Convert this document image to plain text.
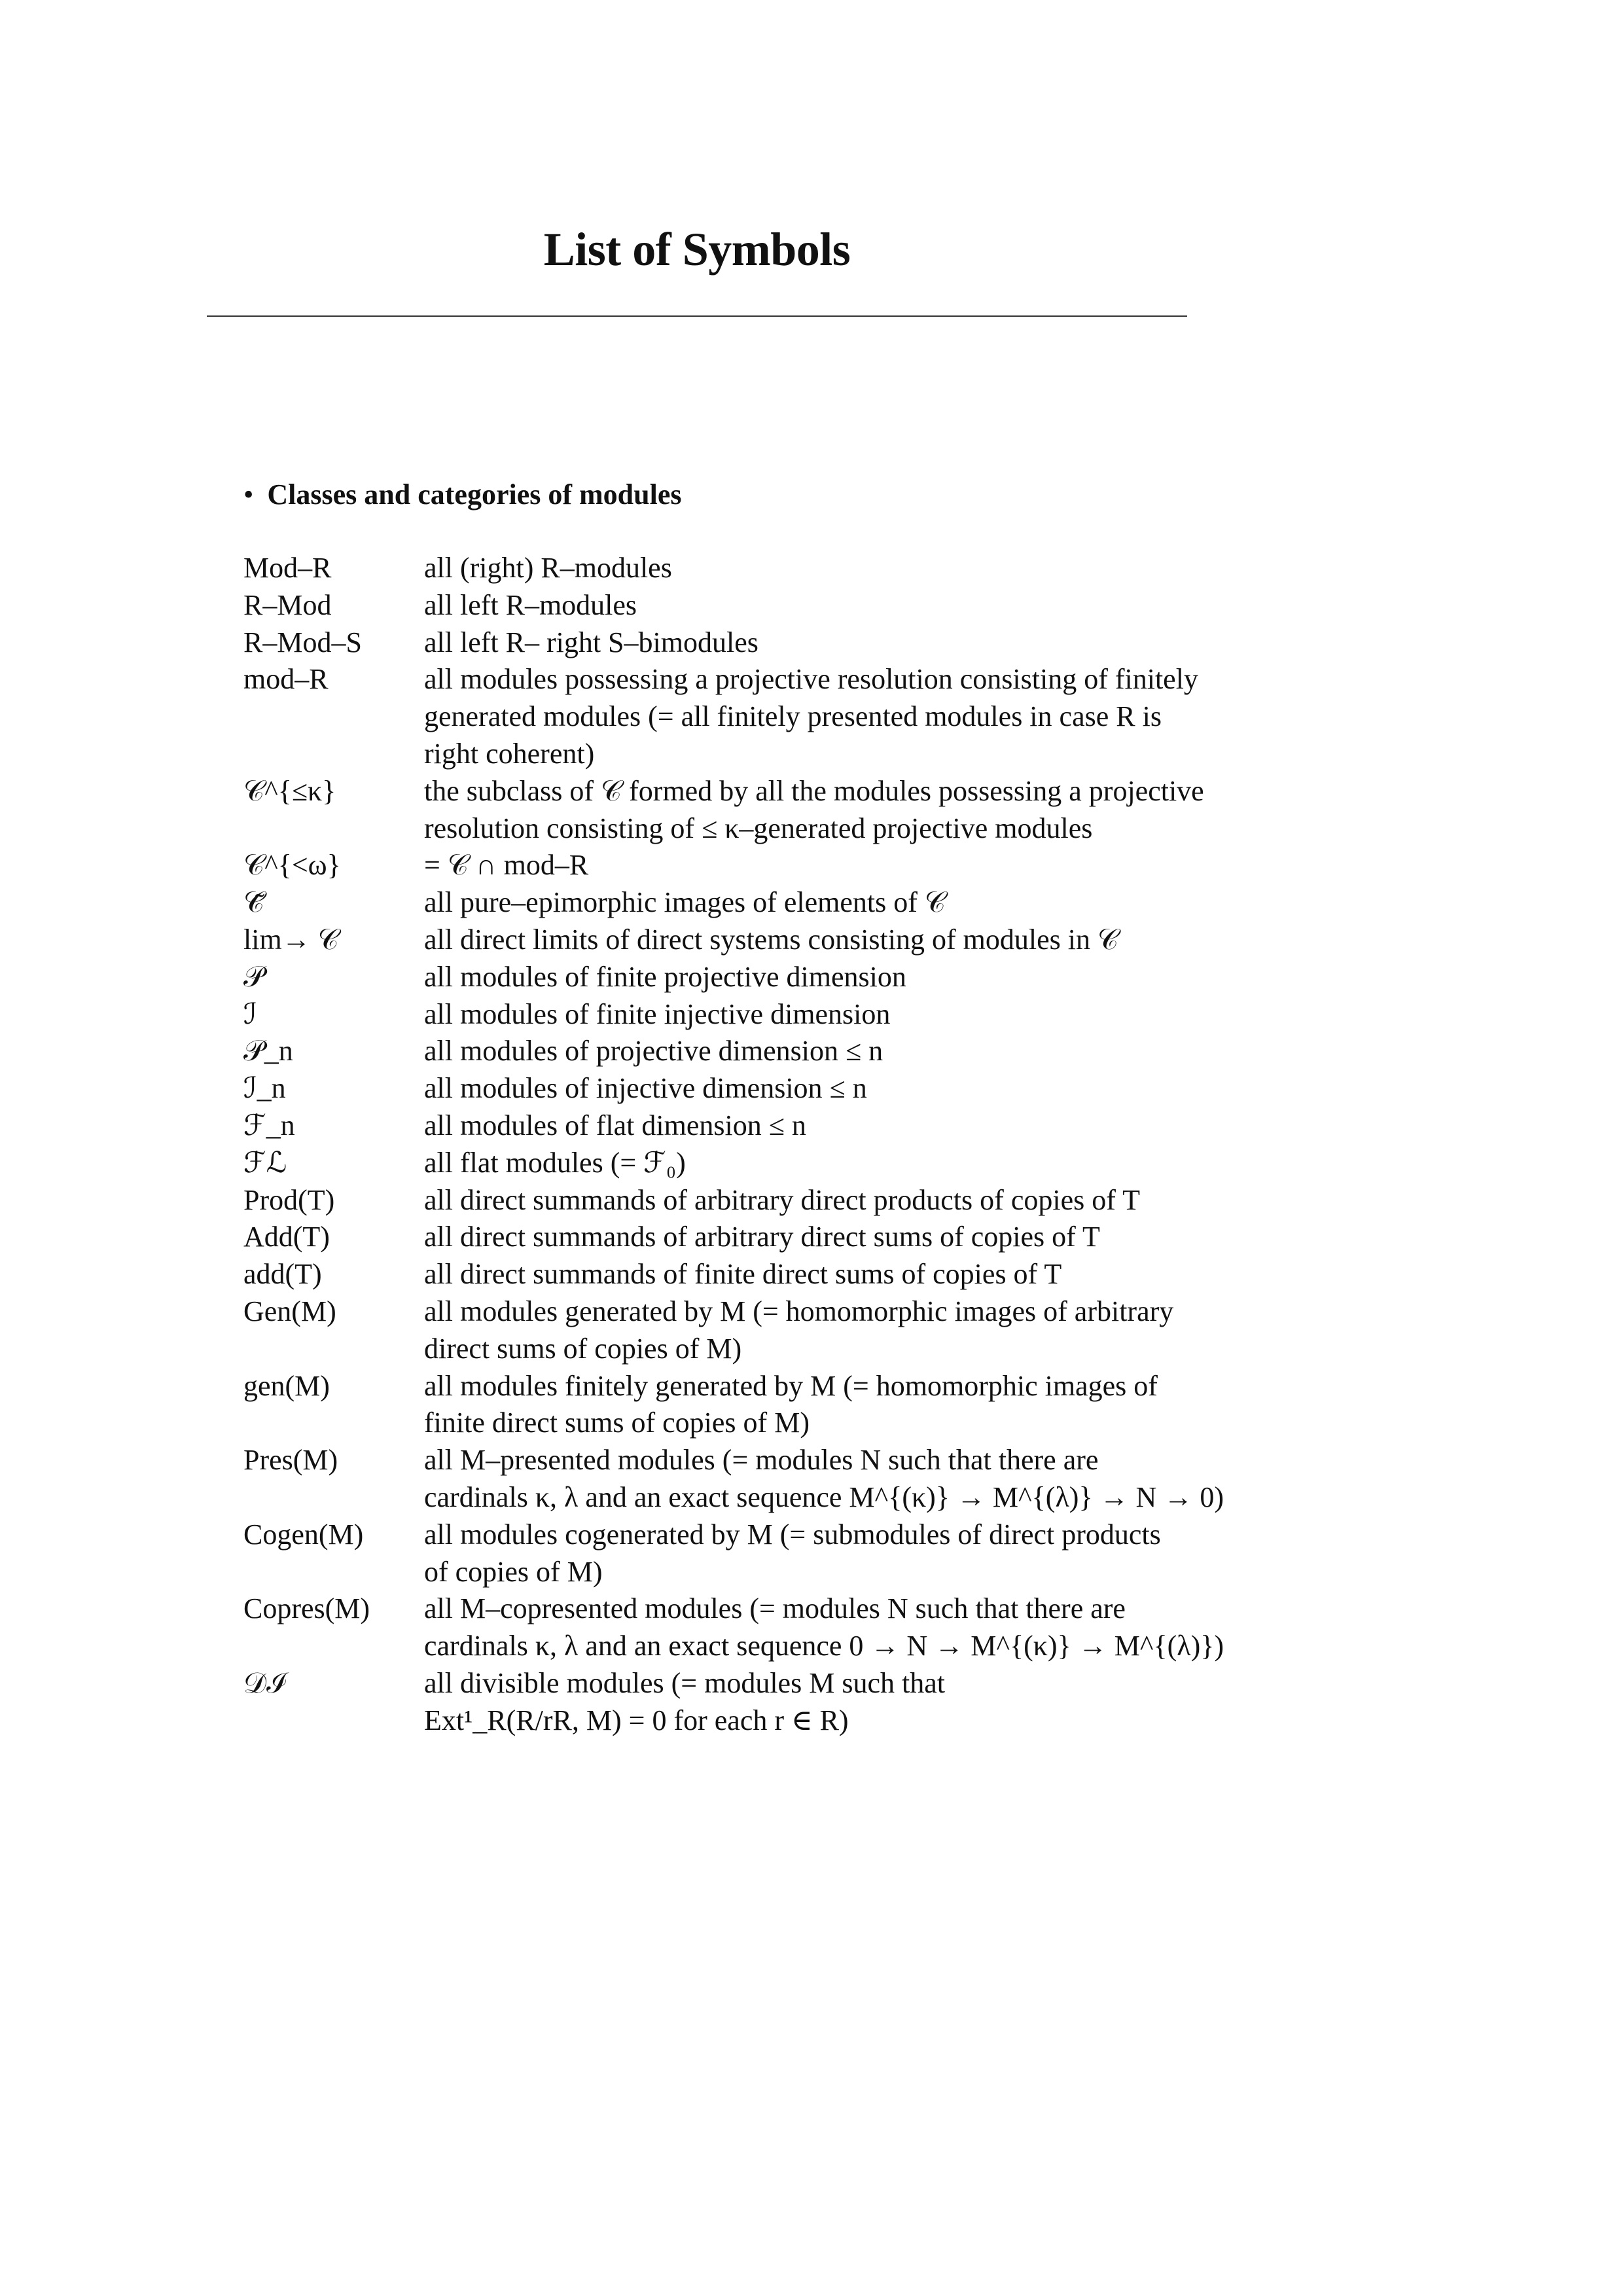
List of Symbols
• Classes and categories of modules
Mod–R	all (right) R–modules
R–Mod	all left R–modules
R–Mod–S	all left R– right S–bimodules
mod–R	all modules possessing a projective resolution consisting of finitely
generated modules (= all finitely presented modules in case R is
right coherent)
𝒞^{≤κ}	the subclass of 𝒞 formed by all the modules possessing a projective
resolution consisting of ≤ κ–generated projective modules
𝒞^{<ω}	= 𝒞 ∩ mod–R
𝒞̃	all pure–epimorphic images of elements of 𝒞
lim→ 𝒞	all direct limits of direct systems consisting of modules in 𝒞
𝒫	all modules of finite projective dimension
ℐ	all modules of finite injective dimension
𝒫_n	all modules of projective dimension ≤ n
ℐ_n	all modules of injective dimension ≤ n
ℱ_n	all modules of flat dimension ≤ n
ℱℒ	all flat modules (= ℱ₀)
Prod(T)	all direct summands of arbitrary direct products of copies of T
Add(T)	all direct summands of arbitrary direct sums of copies of T
add(T)	all direct summands of finite direct sums of copies of T
Gen(M)	all modules generated by M (= homomorphic images of arbitrary
direct sums of copies of M)
gen(M)	all modules finitely generated by M (= homomorphic images of
finite direct sums of copies of M)
Pres(M)	all M–presented modules (= modules N such that there are
cardinals κ, λ and an exact sequence M^{(κ)} → M^{(λ)} → N → 0)
Cogen(M)	all modules cogenerated by M (= submodules of direct products
of copies of M)
Copres(M)	all M–copresented modules (= modules N such that there are
cardinals κ, λ and an exact sequence 0 → N → M^{(κ)} → M^{(λ)})
𝒟ℐ	all divisible modules (= modules M such that
Ext¹_R(R/rR, M) = 0 for each r ∈ R)
